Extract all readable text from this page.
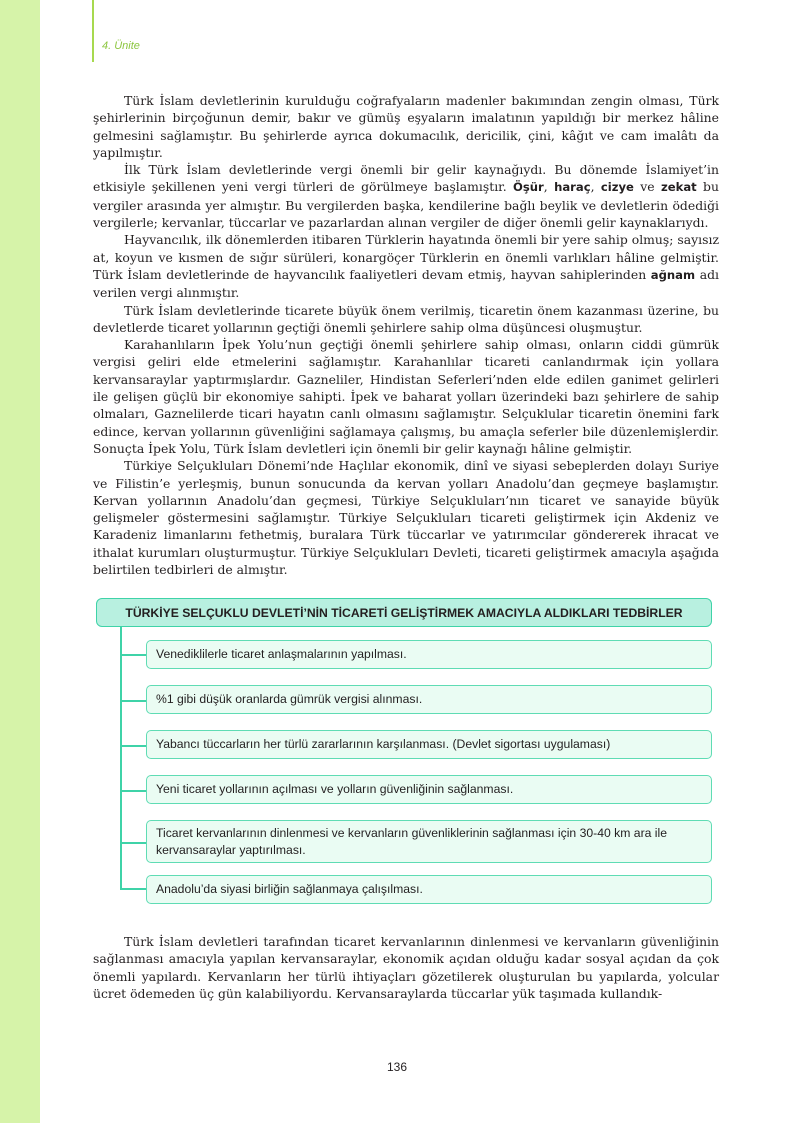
4. Ünite

Türk İslam devletlerinin kurulduğu coğrafyaların madenler bakımından zengin olması, Türk şehirlerinin birçoğunun demir, bakır ve gümüş eşyaların imalatının yapıldığı bir merkez hâline gelmesini sağlamıştır. Bu şehirlerde ayrıca dokumacılık, dericilik, çini, kâğıt ve cam imalâtı da yapılmıştır.

İlk Türk İslam devletlerinde vergi önemli bir gelir kaynağıydı. Bu dönemde İslamiyet’in etkisiyle şekillenen yeni vergi türleri de görülmeye başlamıştır. Öşür, haraç, cizye ve zekat bu vergiler arasında yer almıştır. Bu vergilerden başka, kendilerine bağlı beylik ve devletlerin ödediği vergilerle; kervanlar, tüccarlar ve pazarlardan alınan vergiler de diğer önemli gelir kaynaklarıydı.

Hayvancılık, ilk dönemlerden itibaren Türklerin hayatında önemli bir yere sahip olmuş; sayısız at, koyun ve kısmen de sığır sürüleri, konargöçer Türklerin en önemli varlıkları hâline gelmiştir. Türk İslam devletlerinde de hayvancılık faaliyetleri devam etmiş, hayvan sahiplerinden ağnam adı verilen vergi alınmıştır.

Türk İslam devletlerinde ticarete büyük önem verilmiş, ticaretin önem kazanması üzerine, bu devletlerde ticaret yollarının geçtiği önemli şehirlere sahip olma düşüncesi oluşmuştur.

Karahanlıların İpek Yolu’nun geçtiği önemli şehirlere sahip olması, onların ciddi gümrük vergisi geliri elde etmelerini sağlamıştır. Karahanlılar ticareti canlandırmak için yollara kervansaraylar yaptırmışlardır. Gazneliler, Hindistan Seferleri’nden elde edilen ganimet gelirleri ile gelişen güçlü bir ekonomiye sahipti. İpek ve baharat yolları üzerindeki bazı şehirlere de sahip olmaları, Gaznelilerde ticari hayatın canlı olmasını sağlamıştır. Selçuklular ticaretin önemini fark edince, kervan yollarının güvenliğini sağlamaya çalışmış, bu amaçla seferler bile düzenlemişlerdir. Sonuçta İpek Yolu, Türk İslam devletleri için önemli bir gelir kaynağı hâline gelmiştir.

Türkiye Selçukluları Dönemi’nde Haçlılar ekonomik, dinî ve siyasi sebeplerden dolayı Suriye ve Filistin’e yerleşmiş, bunun sonucunda da kervan yolları Anadolu’dan geçmeye başlamıştır. Kervan yollarının Anadolu’dan geçmesi, Türkiye Selçukluları’nın ticaret ve sanayide büyük gelişmeler göstermesini sağlamıştır. Türkiye Selçukluları ticareti geliştirmek için Akdeniz ve Karadeniz limanlarını fethetmiş, buralara Türk tüccarlar ve yatırımcılar göndererek ihracat ve ithalat kurumları oluşturmuştur. Türkiye Selçukluları Devleti, ticareti geliştirmek amacıyla aşağıda belirtilen tedbirleri de almıştır.

TÜRKİYE SELÇUKLU DEVLETİ’NİN TİCARETİ GELİŞTİRMEK AMACIYLA ALDIKLARI TEDBİRLER
Venediklilerle ticaret anlaşmalarının yapılması.
%1 gibi düşük oranlarda gümrük vergisi alınması.
Yabancı tüccarların her türlü zararlarının karşılanması. (Devlet sigortası uygulaması)
Yeni ticaret yollarının açılması ve yolların güvenliğinin sağlanması.
Ticaret kervanlarının dinlenmesi ve kervanların güvenliklerinin sağlanması için 30-40 km ara ile kervansaraylar yaptırılması.
Anadolu’da siyasi birliğin sağlanmaya çalışılması.

Türk İslam devletleri tarafından ticaret kervanlarının dinlenmesi ve kervanların güvenliğinin sağlanması amacıyla yapılan kervansaraylar, ekonomik açıdan olduğu kadar sosyal açıdan da çok önemli yapılardı. Kervanların her türlü ihtiyaçları gözetilerek oluşturulan bu yapılarda, yolcular ücret ödemeden üç gün kalabiliyordu. Kervansaraylarda tüccarlar yük taşımada kullandık-

136
